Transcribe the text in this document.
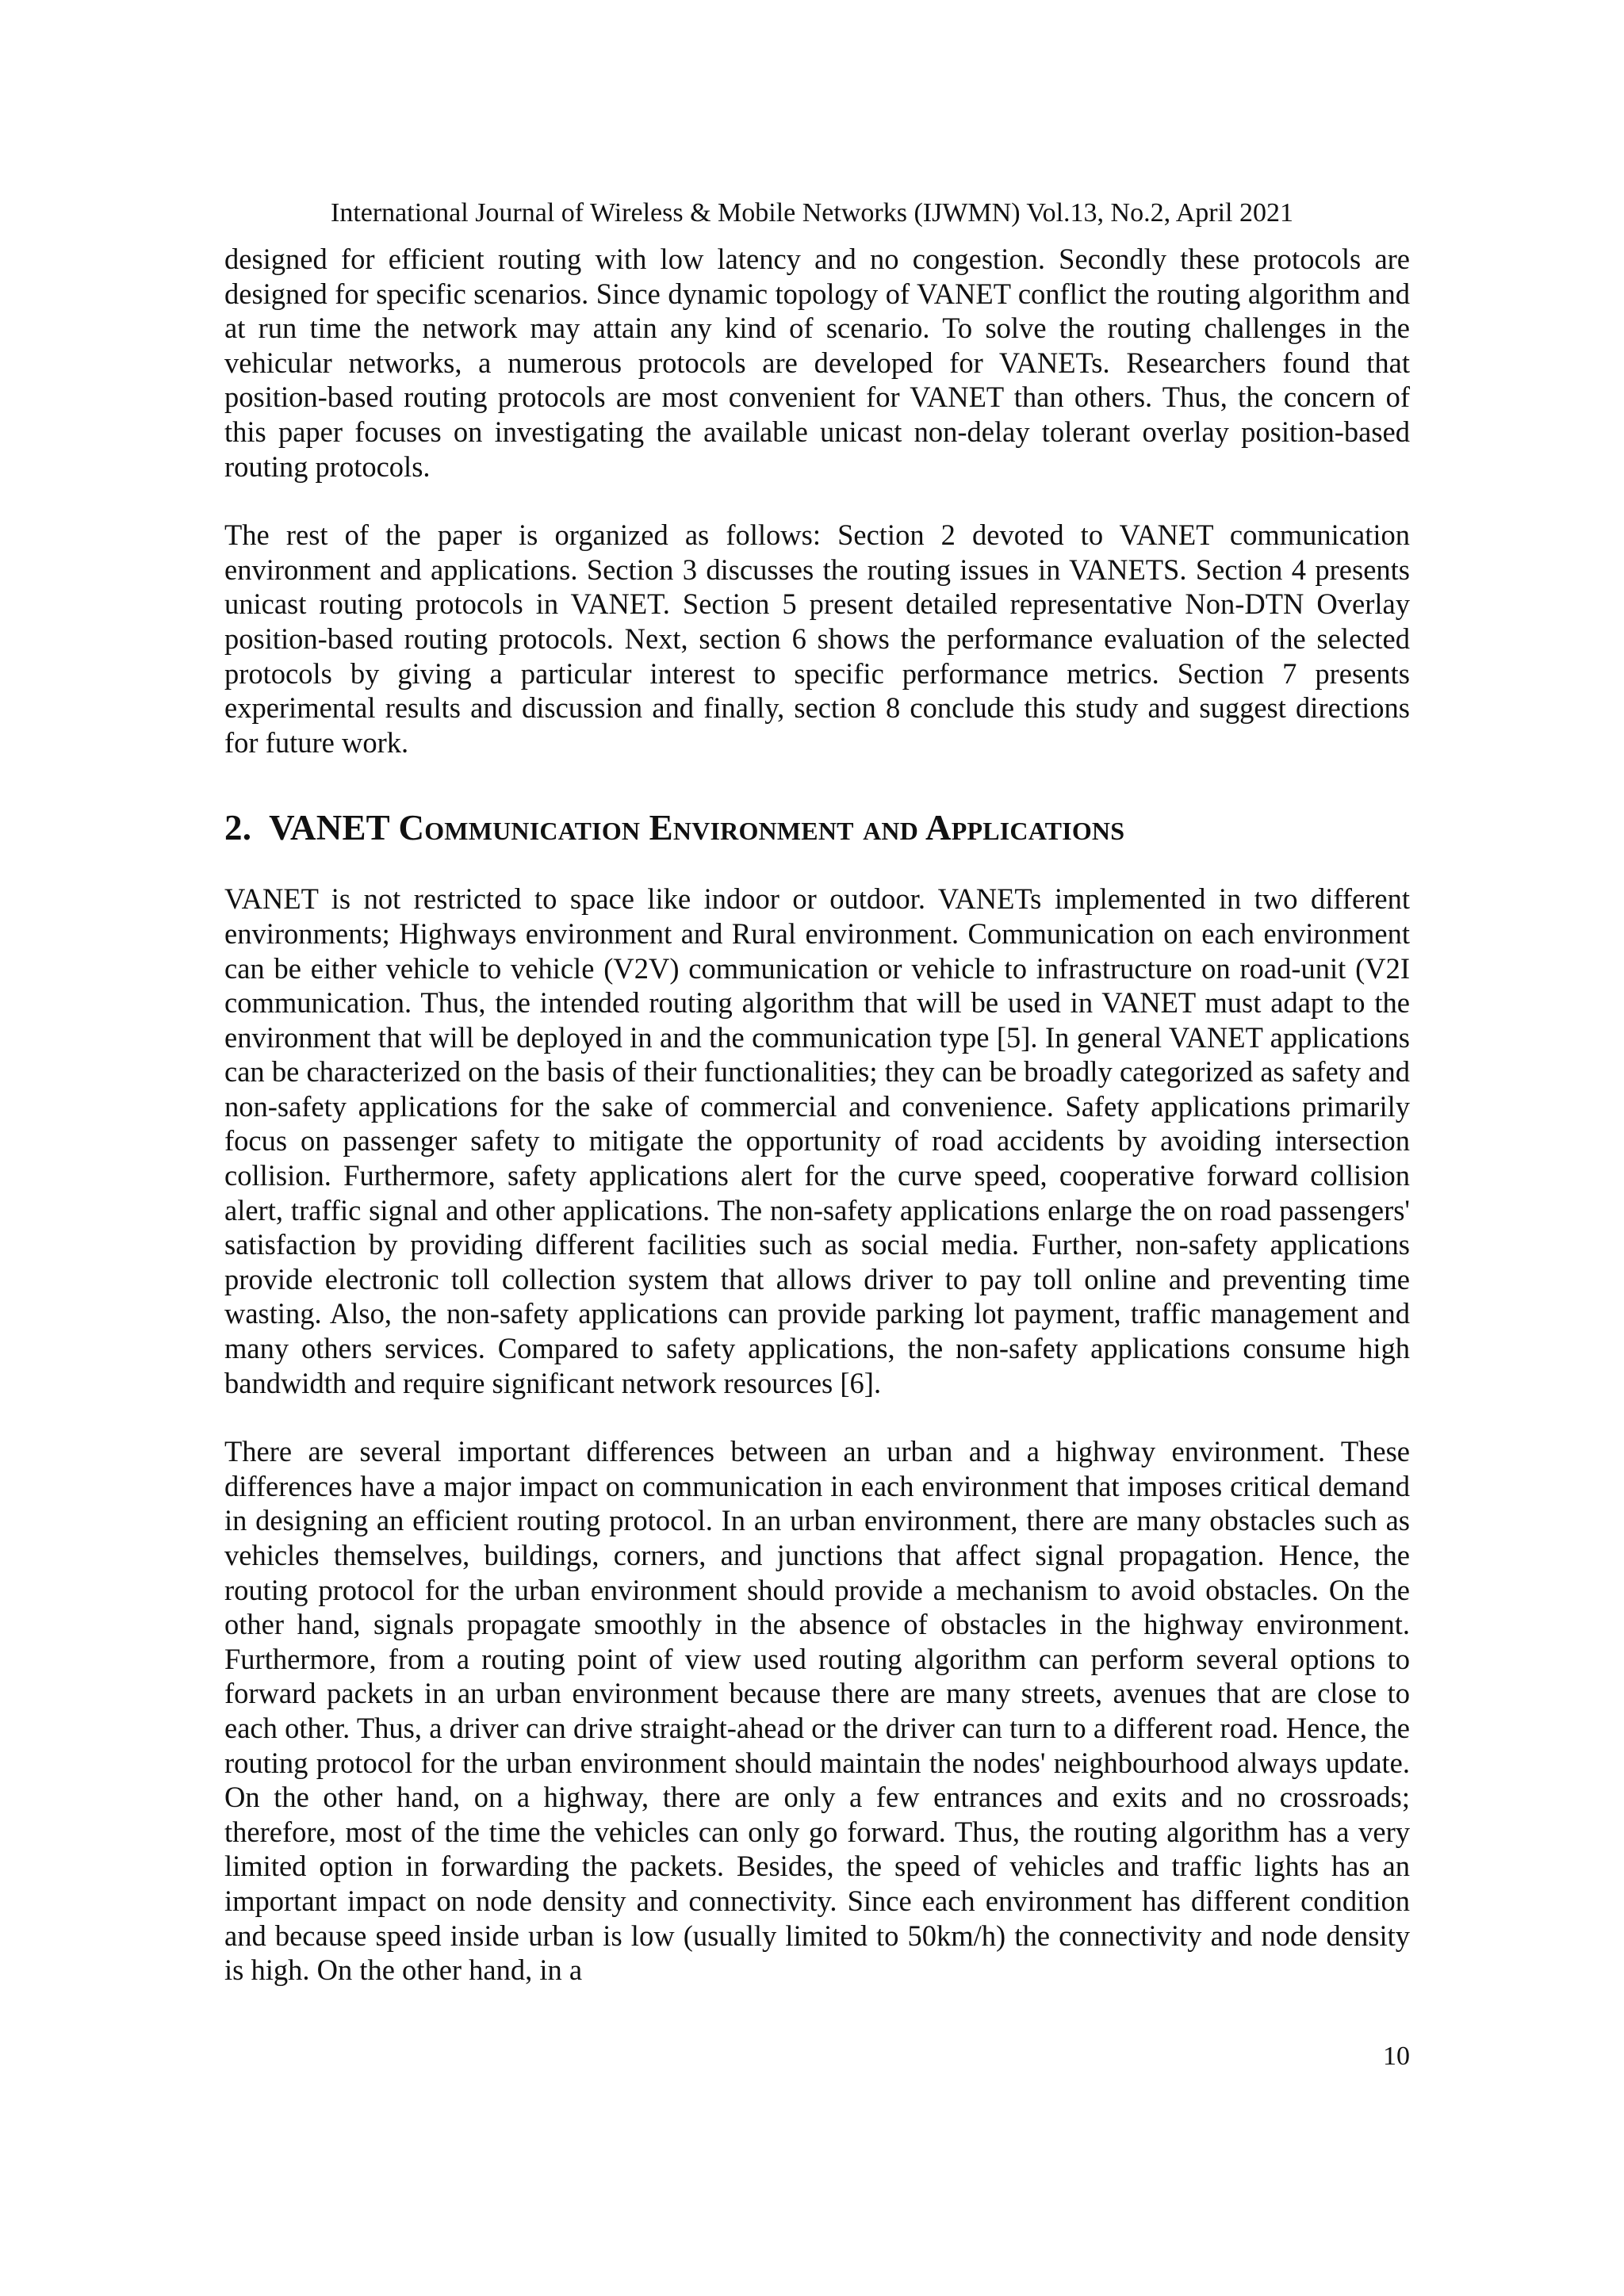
International Journal of Wireless & Mobile Networks (IJWMN) Vol.13, No.2, April 2021

designed for efficient routing with low latency and no congestion. Secondly these protocols are designed for specific scenarios. Since dynamic topology of VANET conflict the routing algorithm and at run time the network may attain any kind of scenario. To solve the routing challenges in the vehicular networks, a numerous protocols are developed for VANETs. Researchers found that position-based routing protocols are most convenient for VANET than others. Thus, the concern of this paper focuses on investigating the available unicast non-delay tolerant overlay position-based routing protocols.

The rest of the paper is organized as follows: Section 2 devoted to VANET communication environment and applications. Section 3 discusses the routing issues in VANETS. Section 4 presents unicast routing protocols in VANET. Section 5 present detailed representative Non-DTN Overlay position-based routing protocols. Next, section 6 shows the performance evaluation of the selected protocols by giving a particular interest to specific performance metrics. Section 7 presents experimental results and discussion and finally, section 8 conclude this study and suggest directions for future work.

2. VANET Communication Environment and Applications

VANET is not restricted to space like indoor or outdoor. VANETs implemented in two different environments; Highways environment and Rural environment. Communication on each environment can be either vehicle to vehicle (V2V) communication or vehicle to infrastructure on road-unit (V2I communication. Thus, the intended routing algorithm that will be used in VANET must adapt to the environment that will be deployed in and the communication type [5]. In general VANET applications can be characterized on the basis of their functionalities; they can be broadly categorized as safety and non-safety applications for the sake of commercial and convenience. Safety applications primarily focus on passenger safety to mitigate the opportunity of road accidents by avoiding intersection collision. Furthermore, safety applications alert for the curve speed, cooperative forward collision alert, traffic signal and other applications. The non-safety applications enlarge the on road passengers' satisfaction by providing different facilities such as social media. Further, non-safety applications provide electronic toll collection system that allows driver to pay toll online and preventing time wasting. Also, the non-safety applications can provide parking lot payment, traffic management and many others services. Compared to safety applications, the non-safety applications consume high bandwidth and require significant network resources [6].

There are several important differences between an urban and a highway environment. These differences have a major impact on communication in each environment that imposes critical demand in designing an efficient routing protocol. In an urban environment, there are many obstacles such as vehicles themselves, buildings, corners, and junctions that affect signal propagation. Hence, the routing protocol for the urban environment should provide a mechanism to avoid obstacles. On the other hand, signals propagate smoothly in the absence of obstacles in the highway environment. Furthermore, from a routing point of view used routing algorithm can perform several options to forward packets in an urban environment because there are many streets, avenues that are close to each other. Thus, a driver can drive straight-ahead or the driver can turn to a different road. Hence, the routing protocol for the urban environment should maintain the nodes' neighbourhood always update. On the other hand, on a highway, there are only a few entrances and exits and no crossroads; therefore, most of the time the vehicles can only go forward. Thus, the routing algorithm has a very limited option in forwarding the packets. Besides, the speed of vehicles and traffic lights has an important impact on node density and connectivity. Since each environment has different condition and because speed inside urban is low (usually limited to 50km/h) the connectivity and node density is high. On the other hand, in a

10
